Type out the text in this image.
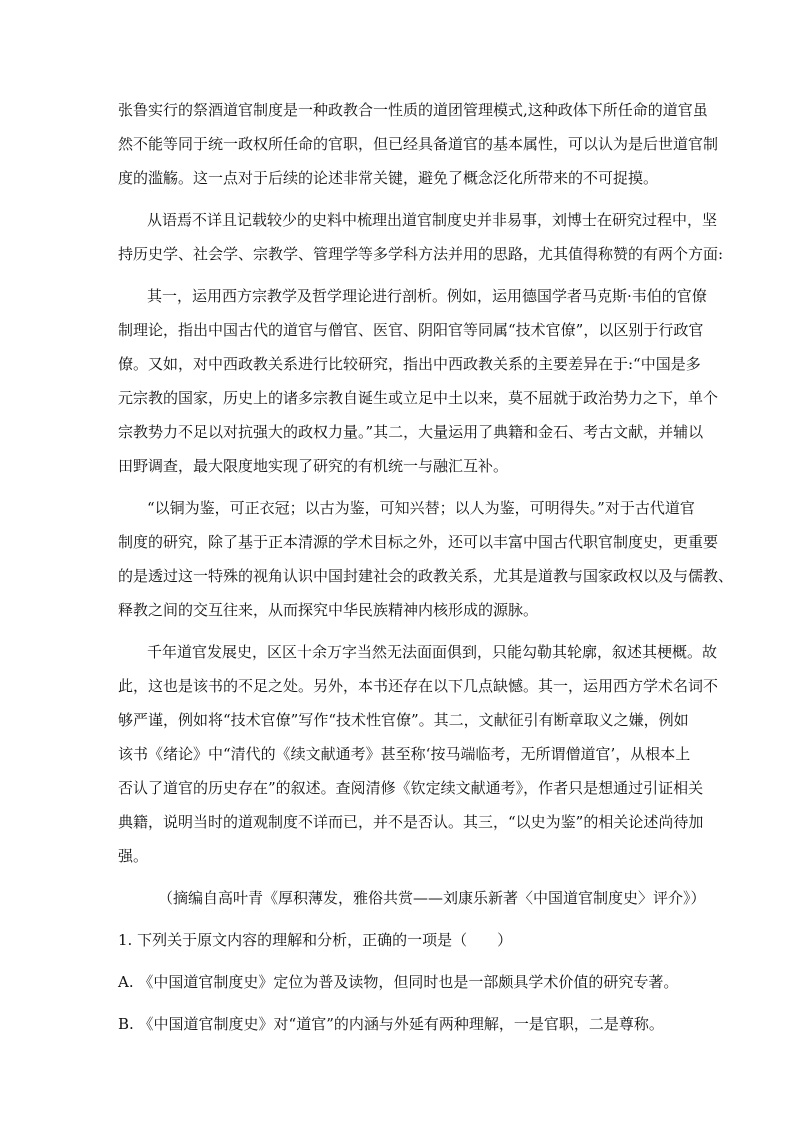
张鲁实行的祭酒道官制度是一种政教合一性质的道团管理模式,这种政体下所任命的道官虽
然不能等同于统一政权所任命的官职，但已经具备道官的基本属性，可以认为是后世道官制
度的滥觞。这一点对于后续的论述非常关键，避免了概念泛化所带来的不可捉摸。
从语焉不详且记载较少的史料中梳理出道官制度史并非易事，刘博士在研究过程中，坚
持历史学、社会学、宗教学、管理学等多学科方法并用的思路，尤其值得称赞的有两个方面:
其一，运用西方宗教学及哲学理论进行剖析。例如，运用德国学者马克斯·韦伯的官僚
制理论，指出中国古代的道官与僧官、医官、阴阳官等同属“技术官僚”，以区别于行政官
僚。又如，对中西政教关系进行比较研究，指出中西政教关系的主要差异在于:“中国是多
元宗教的国家，历史上的诸多宗教自诞生或立足中土以来，莫不屈就于政治势力之下，单个
宗教势力不足以对抗强大的政权力量。”其二，大量运用了典籍和金石、考古文献，并辅以
田野调查，最大限度地实现了研究的有机统一与融汇互补。
“以铜为鉴，可正衣冠；以古为鉴，可知兴替；以人为鉴，可明得失。”对于古代道官
制度的研究，除了基于正本清源的学术目标之外，还可以丰富中国古代职官制度史，更重要
的是透过这一特殊的视角认识中国封建社会的政教关系，尤其是道教与国家政权以及与儒教、
释教之间的交互往来，从而探究中华民族精神内核形成的源脉。
千年道官发展史，区区十余万字当然无法面面俱到，只能勾勒其轮廓，叙述其梗概。故
此，这也是该书的不足之处。另外，本书还存在以下几点缺憾。其一，运用西方学术名词不
够严谨，例如将“技术官僚”写作“技术性官僚”。其二，文献征引有断章取义之嫌，例如
该书《绪论》中“清代的《续文献通考》甚至称‘按马端临考，无所谓僧道官’，从根本上
否认了道官的历史存在”的叙述。查阅清修《钦定续文献通考》，作者只是想通过引证相关
典籍，说明当时的道观制度不详而已，并不是否认。其三，“以史为鉴”的相关论述尚待加
强。
（摘编自高叶青《厚积薄发，雅俗共赏——刘康乐新著〈中国道官制度史〉评介》）
1. 下列关于原文内容的理解和分析，正确的一项是（　　）
A. 《中国道官制度史》定位为普及读物，但同时也是一部颇具学术价值的研究专著。
B. 《中国道官制度史》对“道官”的内涵与外延有两种理解，一是官职，二是尊称。
